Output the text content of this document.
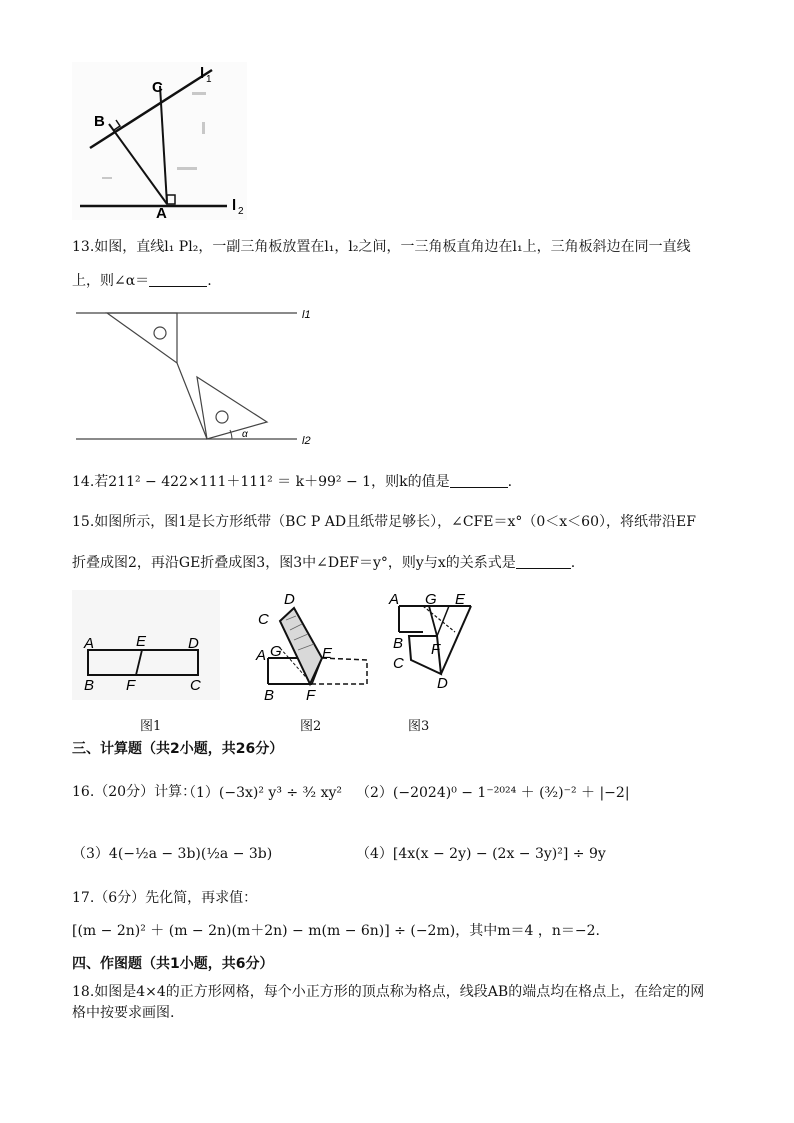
C
l 1
B
A	l 2
13.如图，直线l₁ Pl₂，一副三角板放置在l₁，l₂之间，一三角板直角边在l₁上，三角板斜边在同一直线
上，则∠α＝	.
l1
l2
α
14.若211² − 422×111＋111² ＝ k＋99² − 1，则k的值是	.
15.如图所示，图1是长方形纸带（BC P AD且纸带足够长），∠CFE＝x°（0＜x＜60），将纸带沿EF
折叠成图2，再沿GE折叠成图3，图3中∠DEF＝y°，则y与x的关系式是	.
A	E	D
B F	C
D
C
G
A	E
B F
A G E
B F
C
D
图1	图2	图3
三、计算题（共2小题，共26分）
16.（20分）计算：
（1）(−3x)² y³ ÷ ³⁄₂ xy² （2）(−2024)⁰ − 1⁻²⁰²⁴ ＋ (³⁄₂)⁻² ＋ |−2|
（3）4(−½a − 3b)(½a − 3b)	（4）[4x(x − 2y) − (2x − 3y)²] ÷ 9y
17.（6分）先化简，再求值：
[(m − 2n)² ＋ (m − 2n)(m＋2n) − m(m − 6n)] ÷ (−2m)，其中m＝4 ，n＝−2.
四、作图题（共1小题，共6分）
18.如图是4×4的正方形网格，每个小正方形的顶点称为格点，线段AB的端点均在格点上，在给定的网
格中按要求画图.
